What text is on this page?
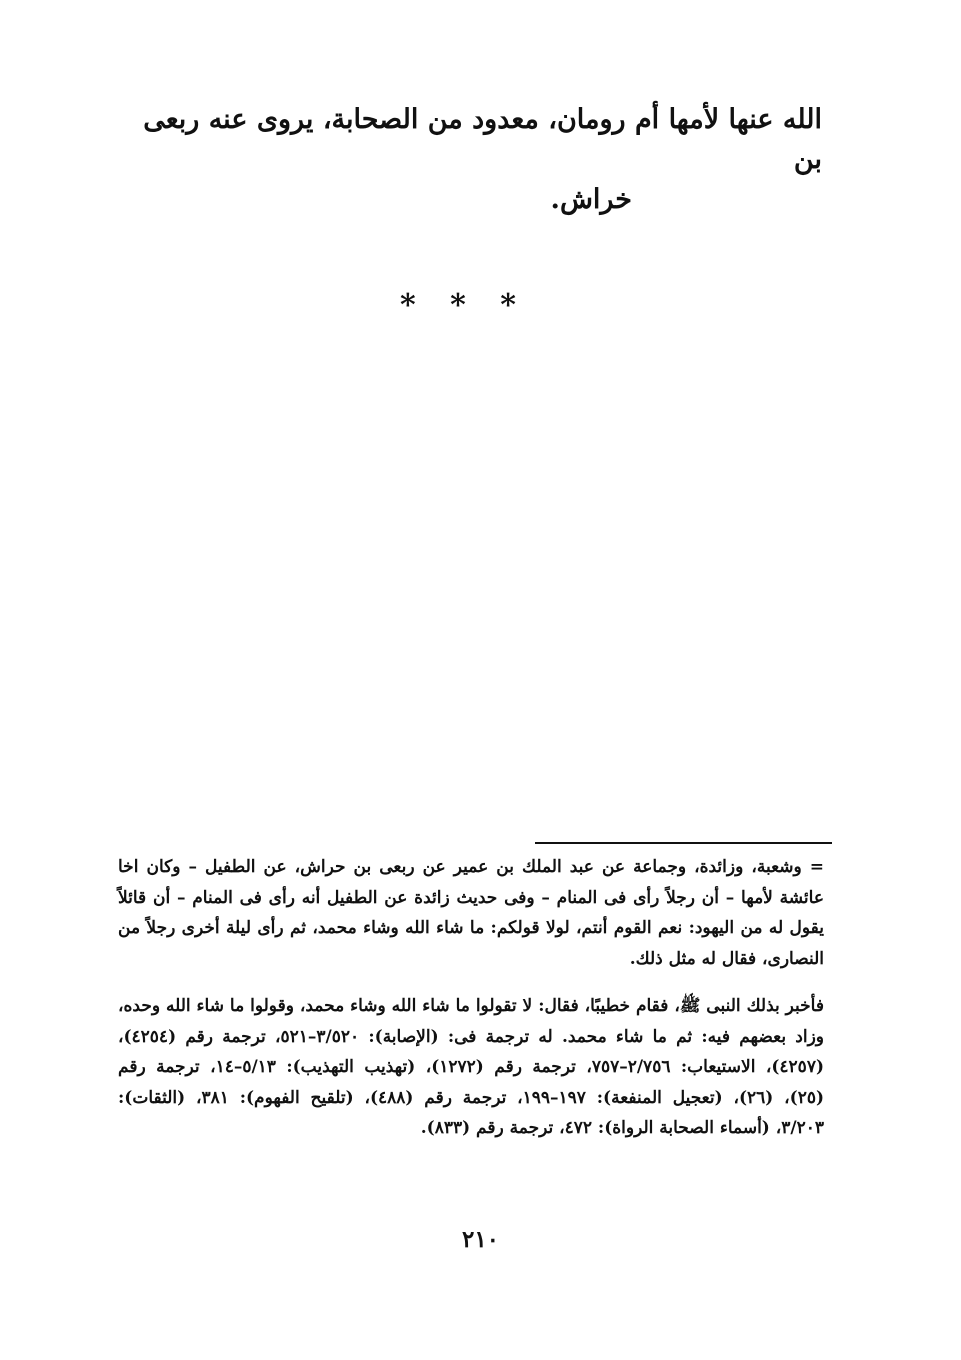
الله عنها لأمها أم رومان، معدود من الصحابة، يروى عنه ربعى بن

خراش.

* * *

=وشعبة، وزائدة، وجماعة عن عبد الملك بن عمير عن ربعى بن حراش، عن الطفيل – وكان اخا عائشة لأمها – أن رجلاً رأى فى المنام – وفى حديث زائدة عن الطفيل أنه رأى فى المنام – أن قائلاً يقول له من اليهود: نعم القوم أنتم، لولا قولكم: ما شاء الله وشاء محمد، ثم رأى ليلة أخرى رجلاً من النصارى، فقال له مثل ذلك.

فأخبر بذلك النبى ﷺ، فقام خطيبًا، فقال: لا تقولوا ما شاء الله وشاء محمد، وقولوا ما شاء الله وحده، وزاد بعضهم فيه: ثم ما شاء محمد. له ترجمة فى: (الإصابة): ٣/٥٢٠–٥٢١، ترجمة رقم (٤٢٥٤)، (٤٢٥٧)، الاستيعاب: ٢/٧٥٦–٧٥٧، ترجمة رقم (١٢٧٢)، (تهذيب التهذيب): ٥/١٣–١٤، ترجمة رقم (٢٥)، (٢٦)، (تعجيل المنفعة): ١٩٧–١٩٩، ترجمة رقم (٤٨٨)، (تلقيح الفهوم): ٣٨١، (الثقات): ٣/٢٠٣، (أسماء الصحابة الرواة): ٤٧٢، ترجمة رقم (٨٣٣).

٢١٠
